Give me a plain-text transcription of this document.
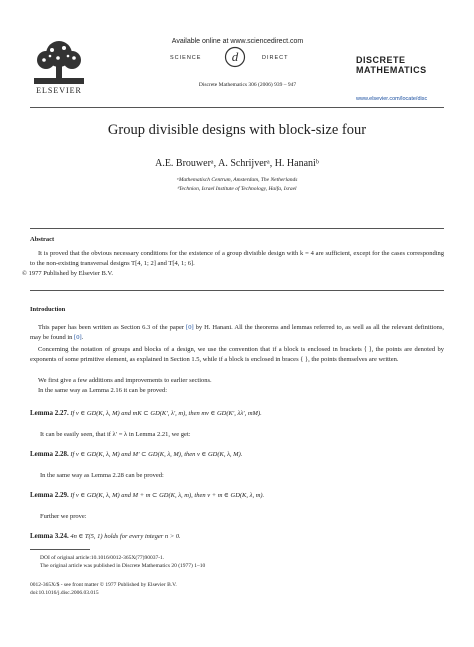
ELSEVIER
Available online at www.sciencedirect.com
SCIENCE d	DIRECT
Discrete Mathematics 306 (2006) 939 – 947
DISCRETE
MATHEMATICS
www.elsevier.com/locate/disc
Group divisible designs with block-size four
A.E. Brouwerᵃ, A. Schrijverᵃ, H. Hananiᵇ
ᵃMathematisch Centrum, Amsterdam, The Netherlands
ᵇTechnion, Israel Institute of Technology, Haifa, Israel
Abstract
It is proved that the obvious necessary conditions for the existence of a group divisible design with k = 4 are sufficient, except for the cases corresponding to the non-existing transversal designs T[4, 1; 2] and T[4, 1; 6].
© 1977 Published by Elsevier B.V.
Introduction
This paper has been written as Section 6.3 of the paper [0] by H. Hanani. All the theorems and lemmas referred to, as well as all the relevant definitions, may be found in [0].
Concerning the notation of groups and blocks of a design, we use the convention that if a block is enclosed in brackets ⟨ ⟩, the points are denoted by exponents of some primitive element, as explained in Section 1.5, while if a block is enclosed in braces { }, the points themselves are written.
We first give a few additions and improvements to earlier sections.
In the same way as Lemma 2.16 it can be proved:
Lemma 2.27. If v ∈ GD(K, λ, M) and mK ⊂ GD(K′, λ′, m), then mv ∈ GD(K′, λλ′, mM).
It can be easily seen, that if λ′ = λ in Lemma 2.21, we get:
Lemma 2.28. If v ∈ GD(K, λ, M) and M′ ⊂ GD(K, λ, M), then v ∈ GD(K, λ, M).
In the same way as Lemma 2.28 can be proved:
Lemma 2.29. If v ∈ GD(K, λ, M) and M + m ⊂ GD(K, λ, m), then v + m ∈ GD(K, λ, m).
Further we prove:
Lemma 3.24. 4n ∈ T(5, 1) holds for every integer n > 0.
DOI of original article:10.1016/0012-365X(77)90037-1.
The original article was published in Discrete Mathematics 20 (1977) 1–10
0012-365X/$ - see front matter © 1977 Published by Elsevier B.V.
doi:10.1016/j.disc.2006.03.015
